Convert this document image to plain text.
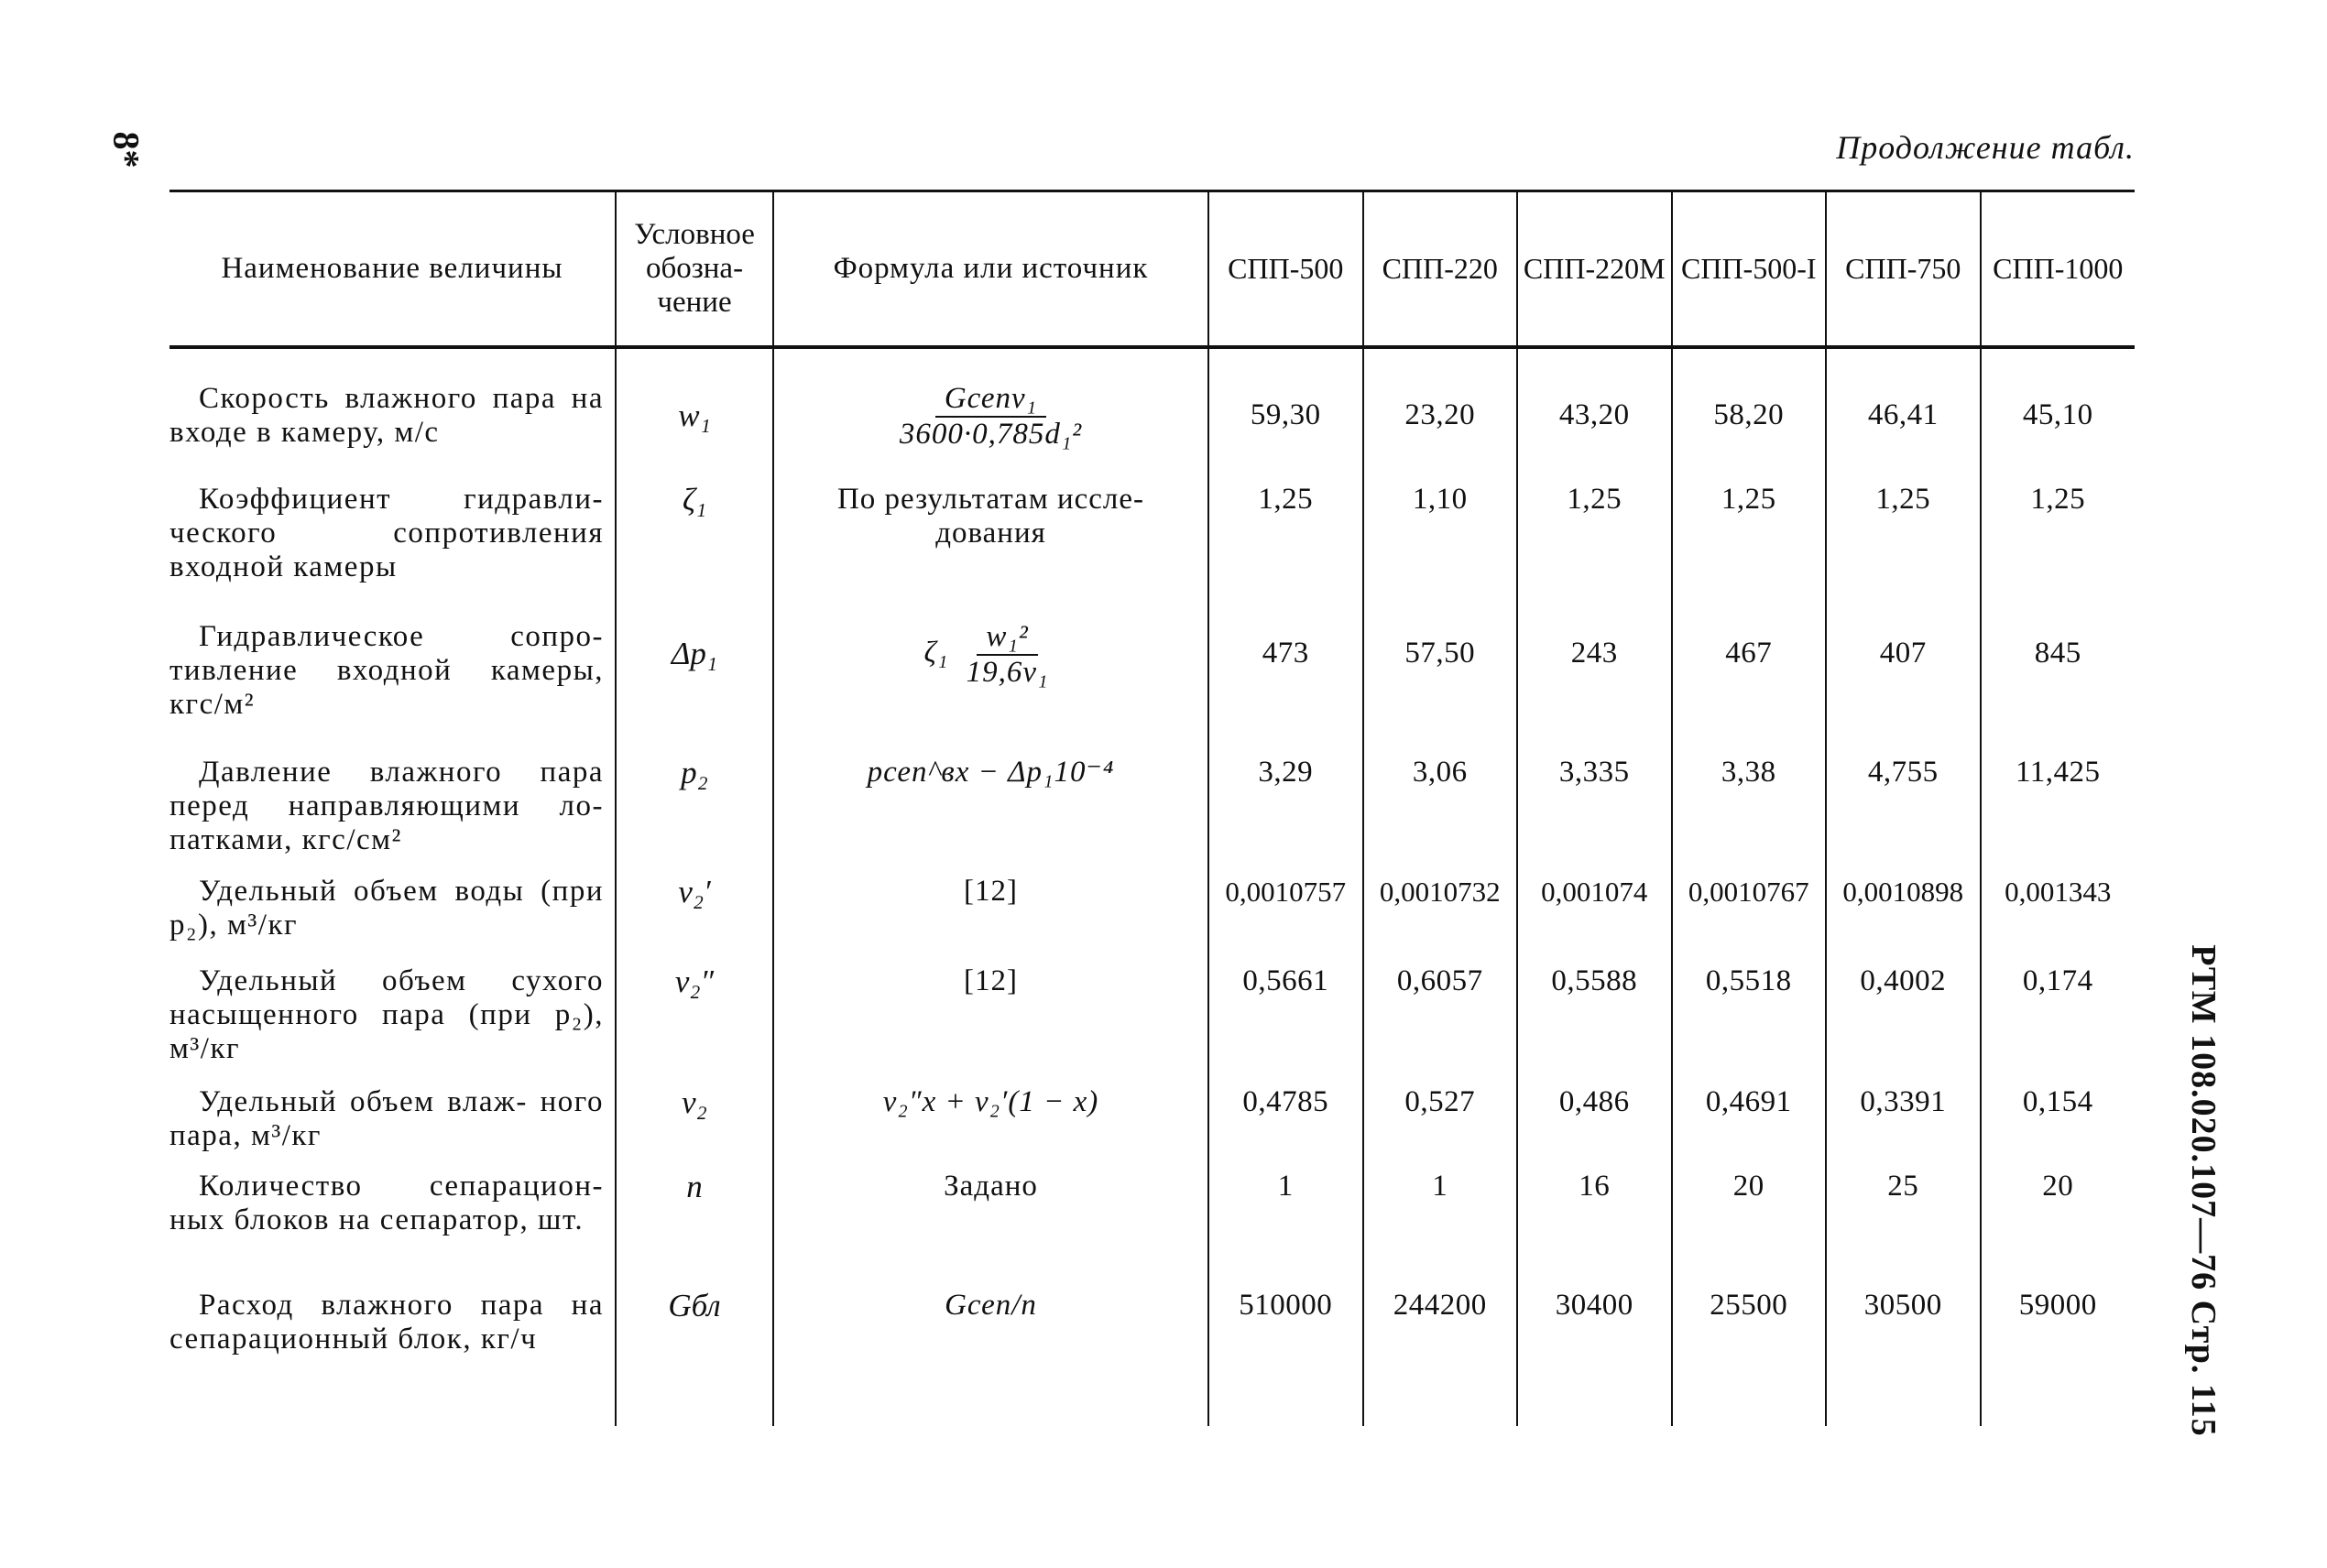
8*	Продолжение табл.
РТМ 108.020.107—76 Стр. 115
Наименование величины	Условное обозна- чение	Формула или источник	СПП-500	СПП-220	СПП-220М	СПП-500-I	СПП-750	СПП-1000

Скорость влажного пара на входе в камеру, м/с	w₁	$\frac{\text{Gсепv₁}}{\text{3600·0,785d₁²}}$	59,30	23,20	43,20	58,20	46,41	45,10
Коэффициент гидравли- ческого сопротивления входной камеры	ζ₁	По результатам иссле- дования	1,25	1,10	1,25	1,25	1,25	1,25
Гидравлическое сопро- тивление входной камеры, кгс/м²	Δp₁	$\zeta_1 \frac{\text{w₁²}}{\text{19,6v₁}}$	473	57,50	243	467	407	845
Давление влажного пара перед направляющими ло- патками, кгс/см²	p₂	pсеп^вх − Δp₁10⁻⁴	3,29	3,06	3,335	3,38	4,755	11,425
Удельный объем воды (при p₂), м³/кг	v₂′	[12]	0,0010757	0,0010732	0,001074	0,0010767	0,0010898	0,001343
Удельный объем сухого насыщенного пара (при p₂), м³/кг	v₂″	[12]	0,5661	0,6057	0,5588	0,5518	0,4002	0,174
Удельный объем влаж- ного пара, м³/кг	v₂	v₂″x + v₂′(1 − x)	0,4785	0,527	0,486	0,4691	0,3391	0,154
Количество сепарацион- ных блоков на сепаратор, шт.	n	Задано	1	1	16	20	25	20
Расход влажного пара на сепарационный блок, кг/ч	Gбл	Gсеп/n	510000	244200	30400	25500	30500	59000
